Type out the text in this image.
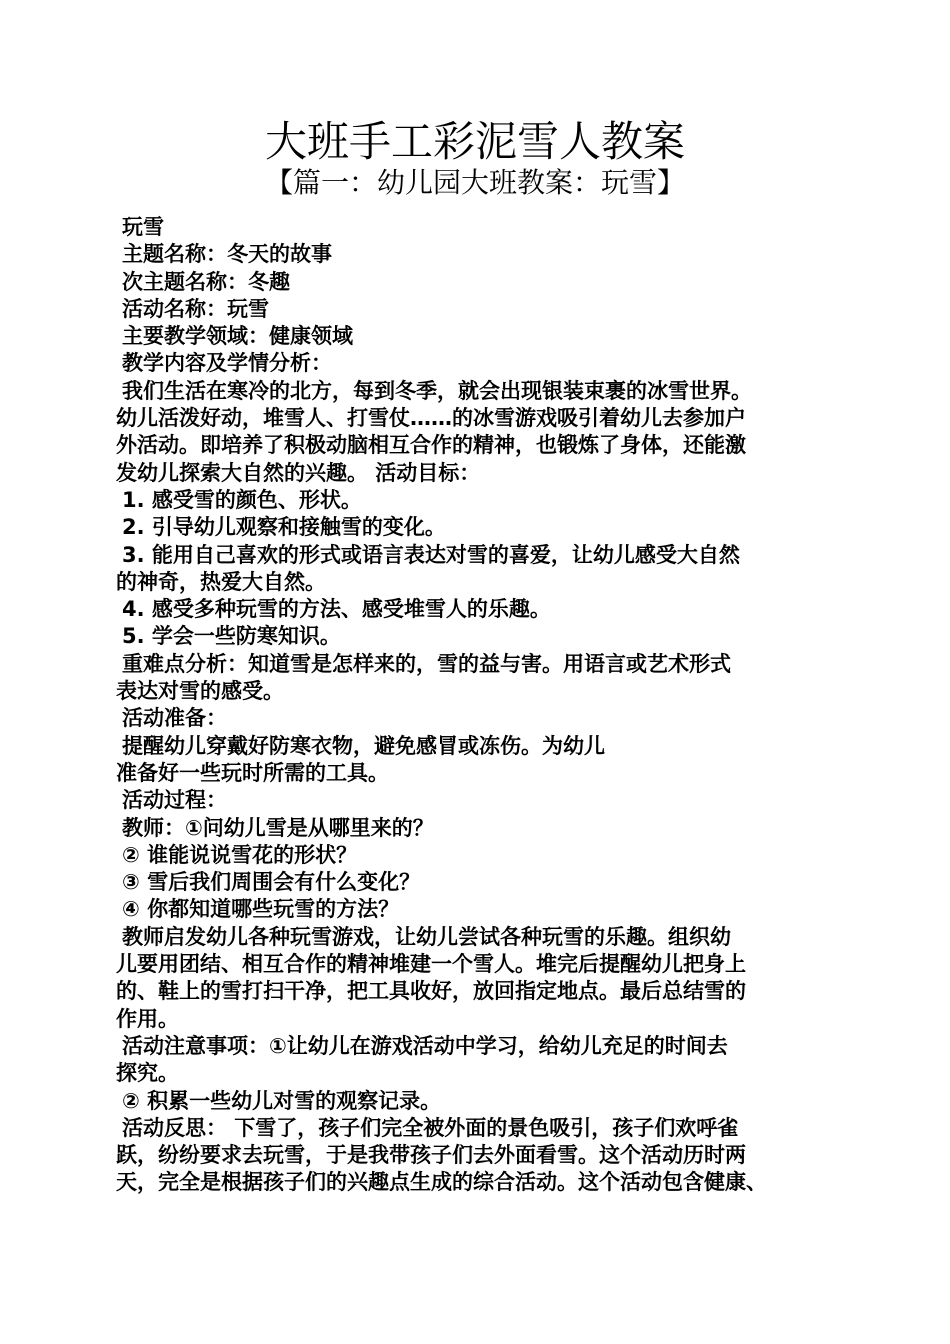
大班手工彩泥雪人教案
【篇一：幼儿园大班教案：玩雪】
玩雪
主题名称：冬天的故事
次主题名称：冬趣
活动名称：玩雪
主要教学领域：健康领域
教学内容及学情分析：
我们生活在寒冷的北方，每到冬季，就会出现银装束裹的冰雪世界。
幼儿活泼好动，堆雪人、打雪仗……的冰雪游戏吸引着幼儿去参加户
外活动。即培养了积极动脑相互合作的精神，也锻炼了身体，还能激
发幼儿探索大自然的兴趣。 活动目标：
1. 感受雪的颜色、形状。
2. 引导幼儿观察和接触雪的变化。
3. 能用自己喜欢的形式或语言表达对雪的喜爱，让幼儿感受大自然
的神奇，热爱大自然。
4. 感受多种玩雪的方法、感受堆雪人的乐趣。
5. 学会一些防寒知识。
重难点分析：知道雪是怎样来的，雪的益与害。用语言或艺术形式
表达对雪的感受。
活动准备：
提醒幼儿穿戴好防寒衣物，避免感冒或冻伤。为幼儿
准备好一些玩时所需的工具。
活动过程：
教师：①问幼儿雪是从哪里来的？
② 谁能说说雪花的形状？
③ 雪后我们周围会有什么变化？
④ 你都知道哪些玩雪的方法？
教师启发幼儿各种玩雪游戏，让幼儿尝试各种玩雪的乐趣。组织幼
儿要用团结、相互合作的精神堆建一个雪人。堆完后提醒幼儿把身上
的、鞋上的雪打扫干净，把工具收好，放回指定地点。最后总结雪的
作用。
活动注意事项：①让幼儿在游戏活动中学习，给幼儿充足的时间去
探究。
② 积累一些幼儿对雪的观察记录。
活动反思： 下雪了，孩子们完全被外面的景色吸引，孩子们欢呼雀
跃，纷纷要求去玩雪，于是我带孩子们去外面看雪。这个活动历时两
天，完全是根据孩子们的兴趣点生成的综合活动。这个活动包含健康、
